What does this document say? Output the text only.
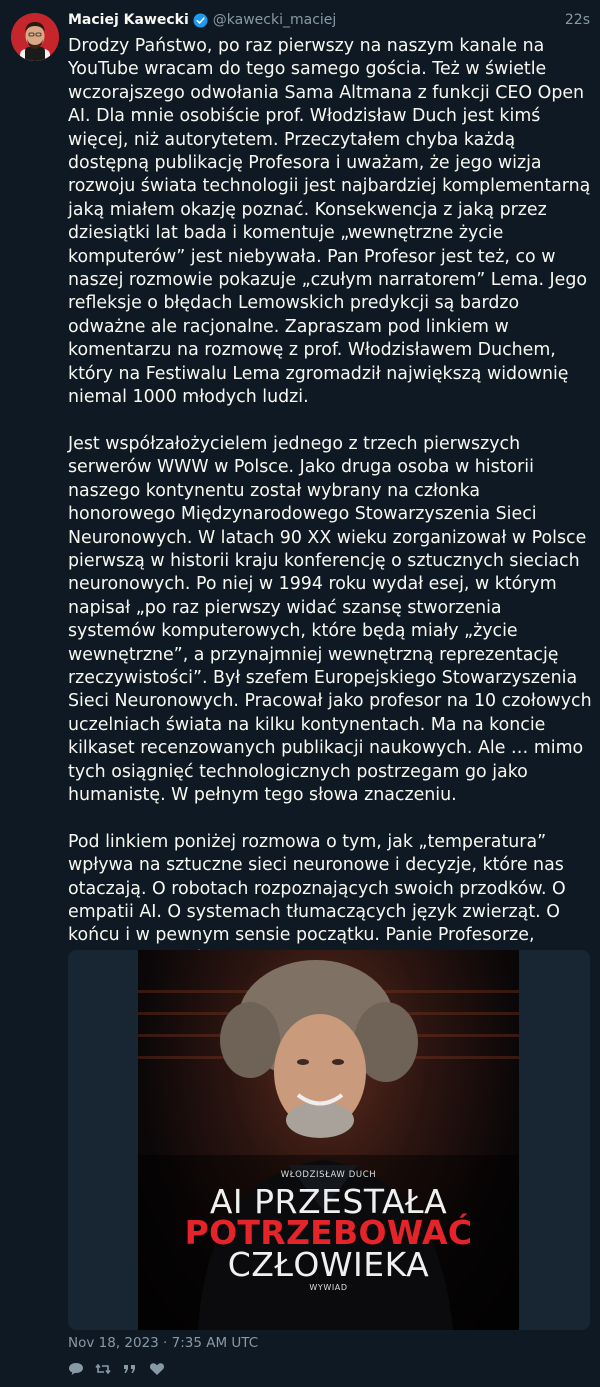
Maciej Kawecki @kawecki_maciej	22s

Drodzy Państwo, po raz pierwszy na naszym kanale na YouTube wracam do tego samego gościa. Też w świetle wczorajszego odwołania Sama Altmana z funkcji CEO Open AI. Dla mnie osobiście prof. Włodzisław Duch jest kimś więcej, niż autorytetem. Przeczytałem chyba każdą dostępną publikację Profesora i uważam, że jego wizja rozwoju świata technologii jest najbardziej komplementarną jaką miałem okazję poznać. Konsekwencja z jaką przez dziesiątki lat bada i komentuje „wewnętrzne życie komputerów” jest niebywała. Pan Profesor jest też, co w naszej rozmowie pokazuje „czułym narratorem” Lema. Jego refleksje o błędach Lemowskich predykcji są bardzo odważne ale racjonalne. Zapraszam pod linkiem w komentarzu na rozmowę z prof. Włodzisławem Duchem, który na Festiwalu Lema zgromadził największą widownię niemal 1000 młodych ludzi.

Jest współzałożycielem jednego z trzech pierwszych serwerów WWW w Polsce. Jako druga osoba w historii naszego kontynentu został wybrany na członka honorowego Międzynarodowego Stowarzyszenia Sieci Neuronowych. W latach 90 XX wieku zorganizował w Polsce pierwszą w historii kraju konferencję o sztucznych sieciach neuronowych. Po niej w 1994 roku wydał esej, w którym napisał „po raz pierwszy widać szansę stworzenia systemów komputerowych, które będą miały „życie wewnętrzne”, a przynajmniej wewnętrzną reprezentację rzeczywistości”. Był szefem Europejskiego Stowarzyszenia Sieci Neuronowych. Pracował jako profesor na 10 czołowych uczelniach świata na kilku kontynentach. Ma na koncie kilkaset recenzowanych publikacji naukowych. Ale … mimo tych osiągnięć technologicznych postrzegam go jako humanistę. W pełnym tego słowa znaczeniu.

Pod linkiem poniżej rozmowa o tym, jak „temperatura” wpływa na sztuczne sieci neuronowe i decyzje, które nas otaczają. O robotach rozpoznających swoich przodków. O empatii AI. O systemach tłumaczących język zwierząt. O końcu i w pewnym sensie początku. Panie Profesorze,

WŁODZISŁAW DUCH
AI PRZESTAŁA
POTRZEBOWAĆ
CZŁOWIEKA
WYWIAD
Nov 18, 2023 · 7:35 AM UTC
